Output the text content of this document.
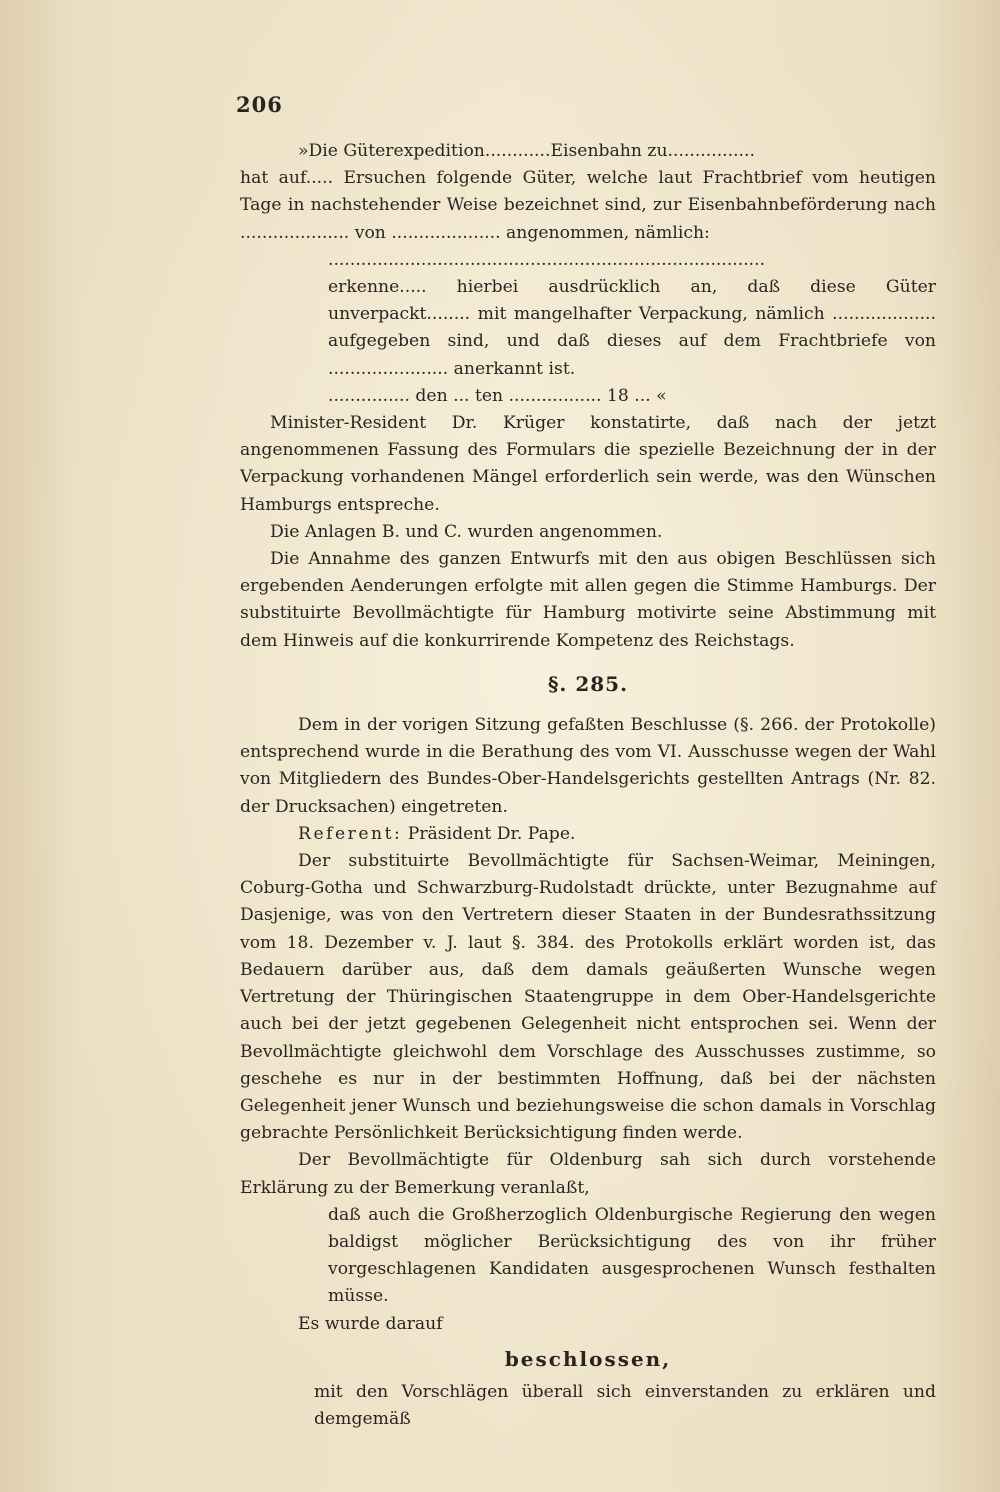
206

»Die Güterexpedition............Eisenbahn zu................

hat auf..... Ersuchen folgende Güter, welche laut Frachtbrief vom heutigen Tage in nachstehender Weise bezeichnet sind, zur Eisenbahnbeförderung nach .................... von .................... angenommen, nämlich:

................................................................................

erkenne..... hierbei ausdrücklich an, daß diese Güter unverpackt........ mit mangelhafter Verpackung, nämlich ................... aufgegeben sind, und daß dieses auf dem Frachtbriefe von ...................... anerkannt ist.

............... den ... ten ................. 18 ... «

Minister-Resident Dr. Krüger konstatirte, daß nach der jetzt angenommenen Fassung des Formulars die spezielle Bezeichnung der in der Verpackung vorhandenen Mängel erforderlich sein werde, was den Wünschen Hamburgs entspreche.

Die Anlagen B. und C. wurden angenommen.

Die Annahme des ganzen Entwurfs mit den aus obigen Beschlüssen sich ergebenden Aenderungen erfolgte mit allen gegen die Stimme Hamburgs. Der substituirte Bevollmächtigte für Hamburg motivirte seine Abstimmung mit dem Hinweis auf die konkurrirende Kompetenz des Reichstags.

§. 285.

Dem in der vorigen Sitzung gefaßten Beschlusse (§. 266. der Protokolle) entsprechend wurde in die Berathung des vom VI. Ausschusse wegen der Wahl von Mitgliedern des Bundes-Ober-Handelsgerichts gestellten Antrags (Nr. 82. der Drucksachen) eingetreten.

Referent: Präsident Dr. Pape.

Der substituirte Bevollmächtigte für Sachsen-Weimar, Meiningen, Coburg-Gotha und Schwarzburg-Rudolstadt drückte, unter Bezugnahme auf Dasjenige, was von den Vertretern dieser Staaten in der Bundesrathssitzung vom 18. Dezember v. J. laut §. 384. des Protokolls erklärt worden ist, das Bedauern darüber aus, daß dem damals geäußerten Wunsche wegen Vertretung der Thüringischen Staatengruppe in dem Ober-Handelsgerichte auch bei der jetzt gegebenen Gelegenheit nicht entsprochen sei. Wenn der Bevollmächtigte gleichwohl dem Vorschlage des Ausschusses zustimme, so geschehe es nur in der bestimmten Hoffnung, daß bei der nächsten Gelegenheit jener Wunsch und beziehungsweise die schon damals in Vorschlag gebrachte Persönlichkeit Berücksichtigung finden werde.

Der Bevollmächtigte für Oldenburg sah sich durch vorstehende Erklärung zu der Bemerkung veranlaßt,

daß auch die Großherzoglich Oldenburgische Regierung den wegen baldigst möglicher Berücksichtigung des von ihr früher vorgeschlagenen Kandidaten ausgesprochenen Wunsch festhalten müsse.

Es wurde darauf

beschlossen,

mit den Vorschlägen überall sich einverstanden zu erklären und demgemäß
